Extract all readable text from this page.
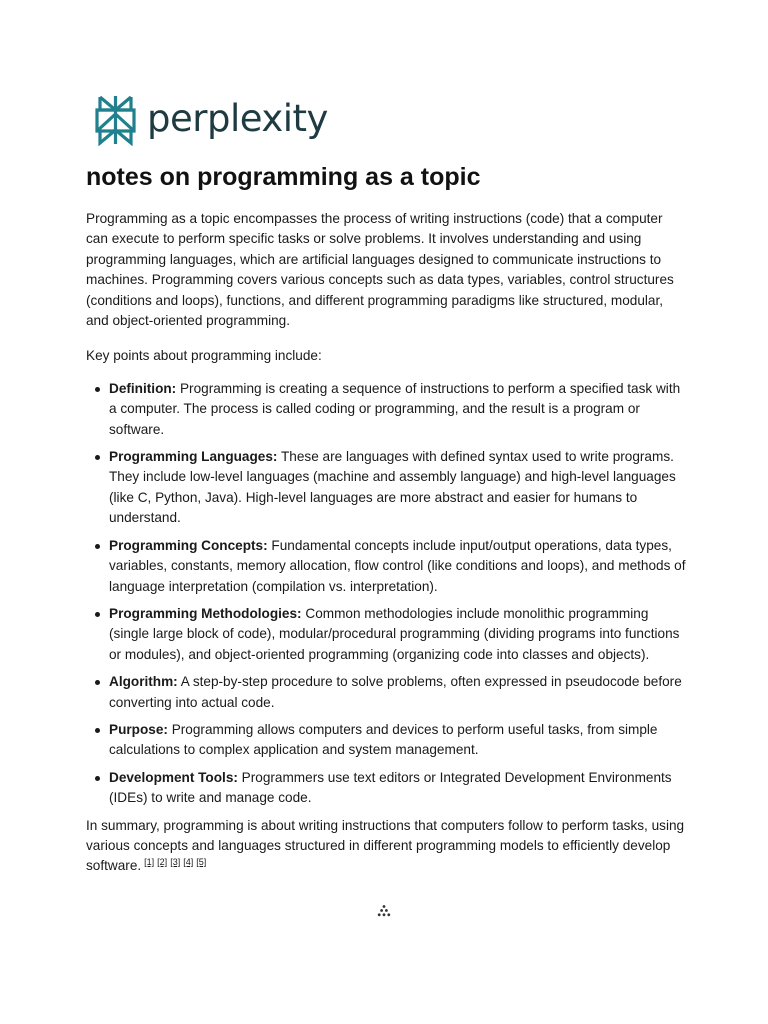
perplexity
notes on programming as a topic

Programming as a topic encompasses the process of writing instructions (code) that a computer can execute to perform specific tasks or solve problems. It involves understanding and using programming languages, which are artificial languages designed to communicate instructions to machines. Programming covers various concepts such as data types, variables, control structures (conditions and loops), functions, and different programming paradigms like structured, modular, and object-oriented programming.

Key points about programming include:

Definition: Programming is creating a sequence of instructions to perform a specified task with a computer. The process is called coding or programming, and the result is a program or software.
Programming Languages: These are languages with defined syntax used to write programs. They include low-level languages (machine and assembly language) and high-level languages (like C, Python, Java). High-level languages are more abstract and easier for humans to understand.
Programming Concepts: Fundamental concepts include input/output operations, data types, variables, constants, memory allocation, flow control (like conditions and loops), and methods of language interpretation (compilation vs. interpretation).
Programming Methodologies: Common methodologies include monolithic programming (single large block of code), modular/procedural programming (dividing programs into functions or modules), and object-oriented programming (organizing code into classes and objects).
Algorithm: A step-by-step procedure to solve problems, often expressed in pseudocode before converting into actual code.
Purpose: Programming allows computers and devices to perform useful tasks, from simple calculations to complex application and system management.
Development Tools: Programmers use text editors or Integrated Development Environments (IDEs) to write and manage code.

In summary, programming is about writing instructions that computers follow to perform tasks, using various concepts and languages structured in different programming models to efficiently develop software. [1] [2] [3] [4] [5]
